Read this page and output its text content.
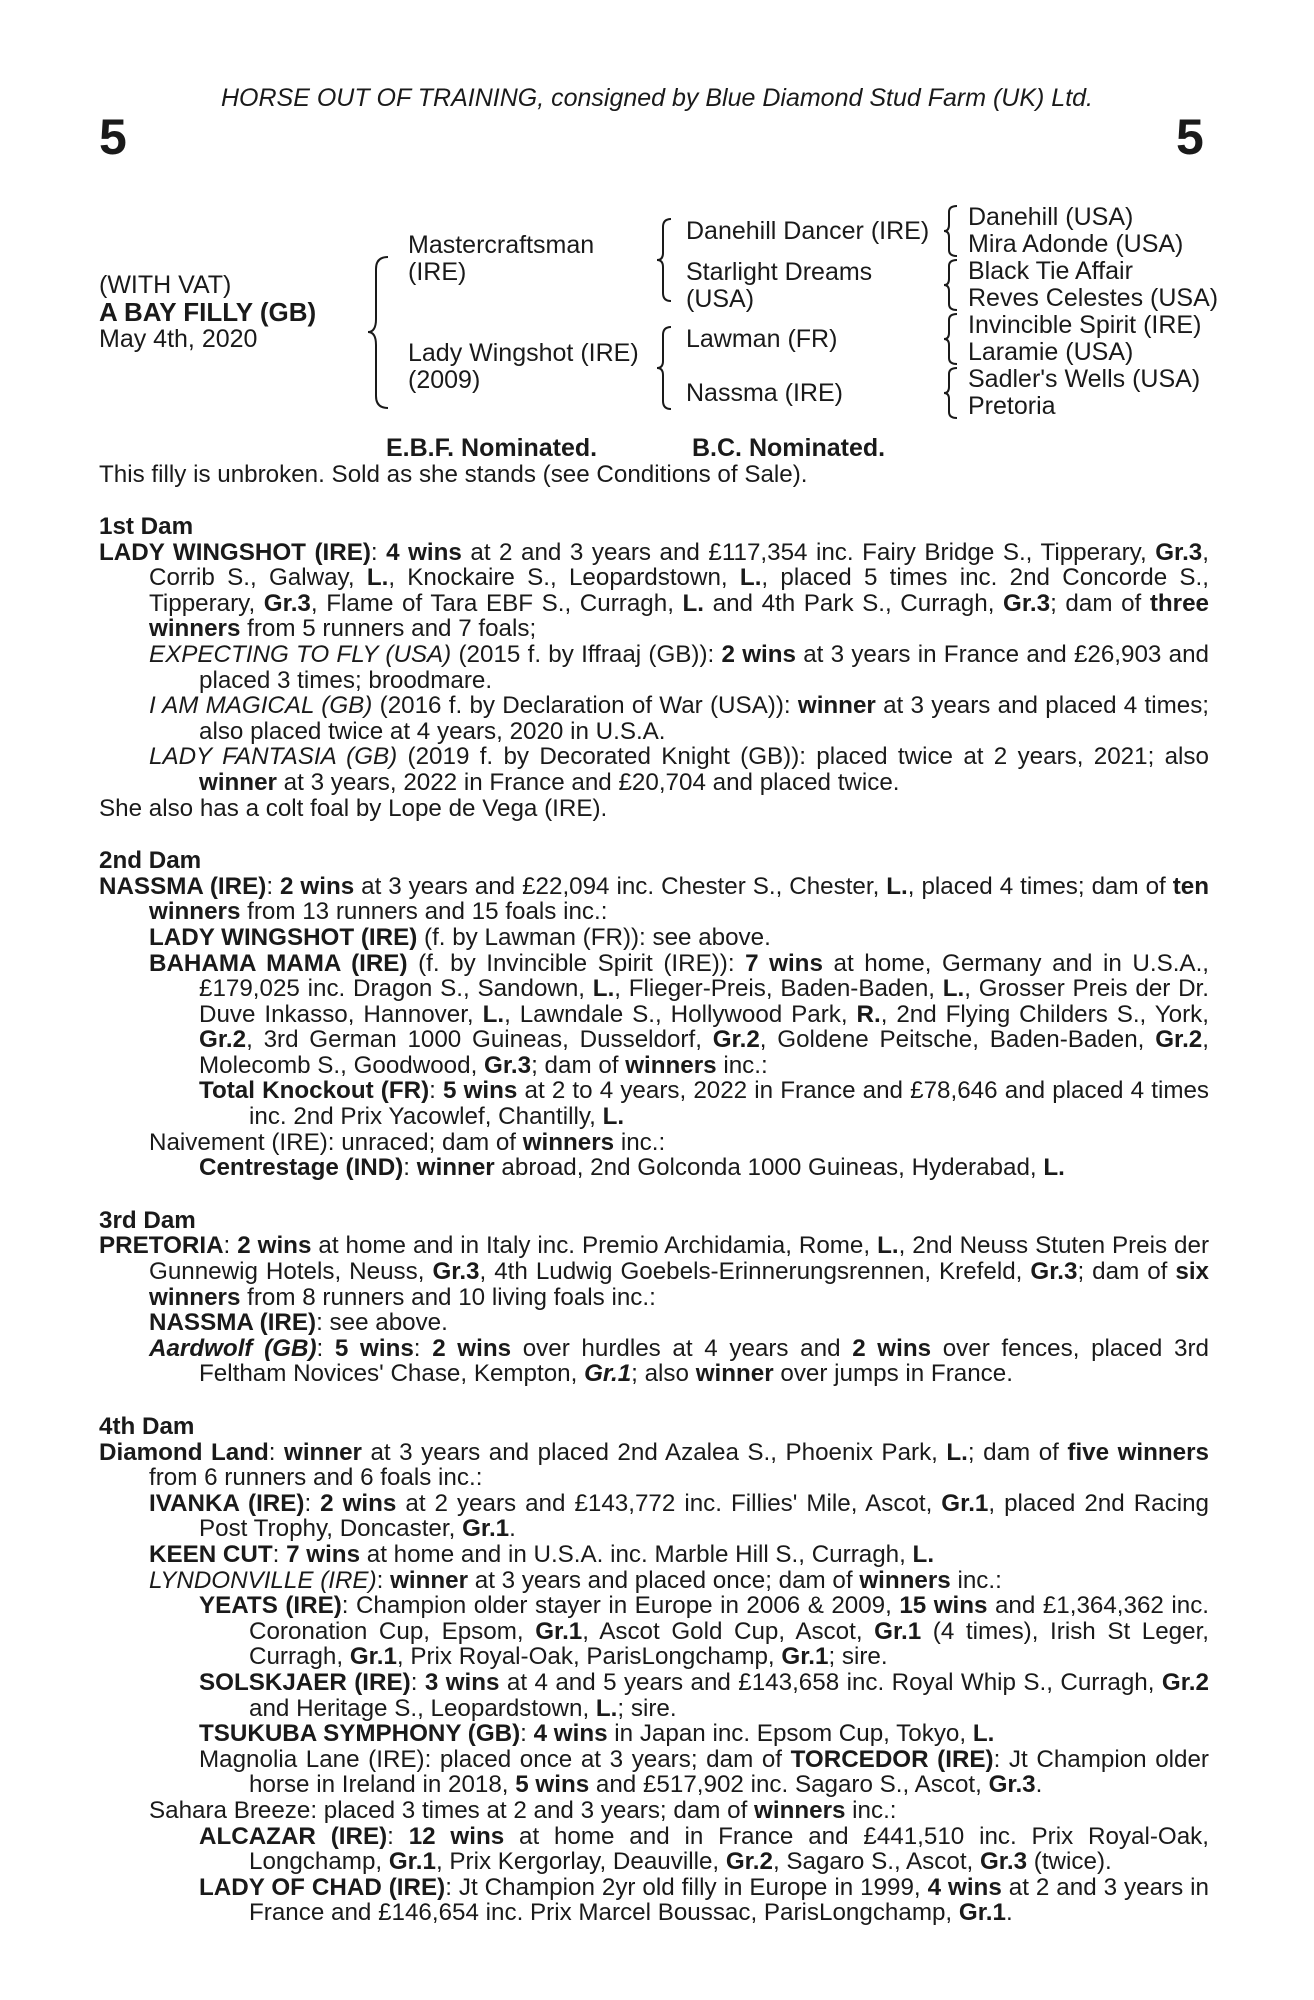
HORSE OUT OF TRAINING, consigned by Blue Diamond Stud Farm (UK) Ltd.
5	5
(WITH VAT)
A BAY FILLY (GB)
May 4th, 2020
Mastercraftsman
(IRE)
Lady Wingshot (IRE)
(2009)
Danehill Dancer (IRE)
Starlight Dreams
(USA)
Lawman (FR)
Nassma (IRE)
Danehill (USA)
Mira Adonde (USA)
Black Tie Affair
Reves Celestes (USA)
Invincible Spirit (IRE)
Laramie (USA)
Sadler's Wells (USA)
Pretoria
E.B.F. Nominated.	B.C. Nominated.
This filly is unbroken. Sold as she stands (see Conditions of Sale).

1st Dam

LADY WINGSHOT (IRE): 4 wins at 2 and 3 years and £117,354 inc. Fairy Bridge S., Tipperary, Gr.3, Corrib S., Galway, L., Knockaire S., Leopardstown, L., placed 5 times inc. 2nd Concorde S., Tipperary, Gr.3, Flame of Tara EBF S., Curragh, L. and 4th Park S., Curragh, Gr.3; dam of three winners from 5 runners and 7 foals;

EXPECTING TO FLY (USA) (2015 f. by Iffraaj (GB)): 2 wins at 3 years in France and £26,903 and placed 3 times; broodmare.

I AM MAGICAL (GB) (2016 f. by Declaration of War (USA)): winner at 3 years and placed 4 times; also placed twice at 4 years, 2020 in U.S.A.

LADY FANTASIA (GB) (2019 f. by Decorated Knight (GB)): placed twice at 2 years, 2021; also winner at 3 years, 2022 in France and £20,704 and placed twice.

She also has a colt foal by Lope de Vega (IRE).

2nd Dam

NASSMA (IRE): 2 wins at 3 years and £22,094 inc. Chester S., Chester, L., placed 4 times; dam of ten winners from 13 runners and 15 foals inc.:

LADY WINGSHOT (IRE) (f. by Lawman (FR)): see above.

BAHAMA MAMA (IRE) (f. by Invincible Spirit (IRE)): 7 wins at home, Germany and in U.S.A., £179,025 inc. Dragon S., Sandown, L., Flieger-Preis, Baden-Baden, L., Grosser Preis der Dr. Duve Inkasso, Hannover, L., Lawndale S., Hollywood Park, R., 2nd Flying Childers S., York, Gr.2, 3rd German 1000 Guineas, Dusseldorf, Gr.2, Goldene Peitsche, Baden-Baden, Gr.2, Molecomb S., Goodwood, Gr.3; dam of winners inc.:

Total Knockout (FR): 5 wins at 2 to 4 years, 2022 in France and £78,646 and placed 4 times inc. 2nd Prix Yacowlef, Chantilly, L.

Naivement (IRE): unraced; dam of winners inc.:

Centrestage (IND): winner abroad, 2nd Golconda 1000 Guineas, Hyderabad, L.

3rd Dam

PRETORIA: 2 wins at home and in Italy inc. Premio Archidamia, Rome, L., 2nd Neuss Stuten Preis der Gunnewig Hotels, Neuss, Gr.3, 4th Ludwig Goebels-Erinnerungsrennen, Krefeld, Gr.3; dam of six winners from 8 runners and 10 living foals inc.:

NASSMA (IRE): see above.

Aardwolf (GB): 5 wins: 2 wins over hurdles at 4 years and 2 wins over fences, placed 3rd Feltham Novices' Chase, Kempton, Gr.1; also winner over jumps in France.

4th Dam

Diamond Land: winner at 3 years and placed 2nd Azalea S., Phoenix Park, L.; dam of five winners from 6 runners and 6 foals inc.:

IVANKA (IRE): 2 wins at 2 years and £143,772 inc. Fillies' Mile, Ascot, Gr.1, placed 2nd Racing Post Trophy, Doncaster, Gr.1.

KEEN CUT: 7 wins at home and in U.S.A. inc. Marble Hill S., Curragh, L.

LYNDONVILLE (IRE): winner at 3 years and placed once; dam of winners inc.:

YEATS (IRE): Champion older stayer in Europe in 2006 & 2009, 15 wins and £1,364,362 inc. Coronation Cup, Epsom, Gr.1, Ascot Gold Cup, Ascot, Gr.1 (4 times), Irish St Leger, Curragh, Gr.1, Prix Royal-Oak, ParisLongchamp, Gr.1; sire.

SOLSKJAER (IRE): 3 wins at 4 and 5 years and £143,658 inc. Royal Whip S., Curragh, Gr.2 and Heritage S., Leopardstown, L.; sire.

TSUKUBA SYMPHONY (GB): 4 wins in Japan inc. Epsom Cup, Tokyo, L.

Magnolia Lane (IRE): placed once at 3 years; dam of TORCEDOR (IRE): Jt Champion older horse in Ireland in 2018, 5 wins and £517,902 inc. Sagaro S., Ascot, Gr.3.

Sahara Breeze: placed 3 times at 2 and 3 years; dam of winners inc.:

ALCAZAR (IRE): 12 wins at home and in France and £441,510 inc. Prix Royal-Oak, Longchamp, Gr.1, Prix Kergorlay, Deauville, Gr.2, Sagaro S., Ascot, Gr.3 (twice).

LADY OF CHAD (IRE): Jt Champion 2yr old filly in Europe in 1999, 4 wins at 2 and 3 years in France and £146,654 inc. Prix Marcel Boussac, ParisLongchamp, Gr.1.
